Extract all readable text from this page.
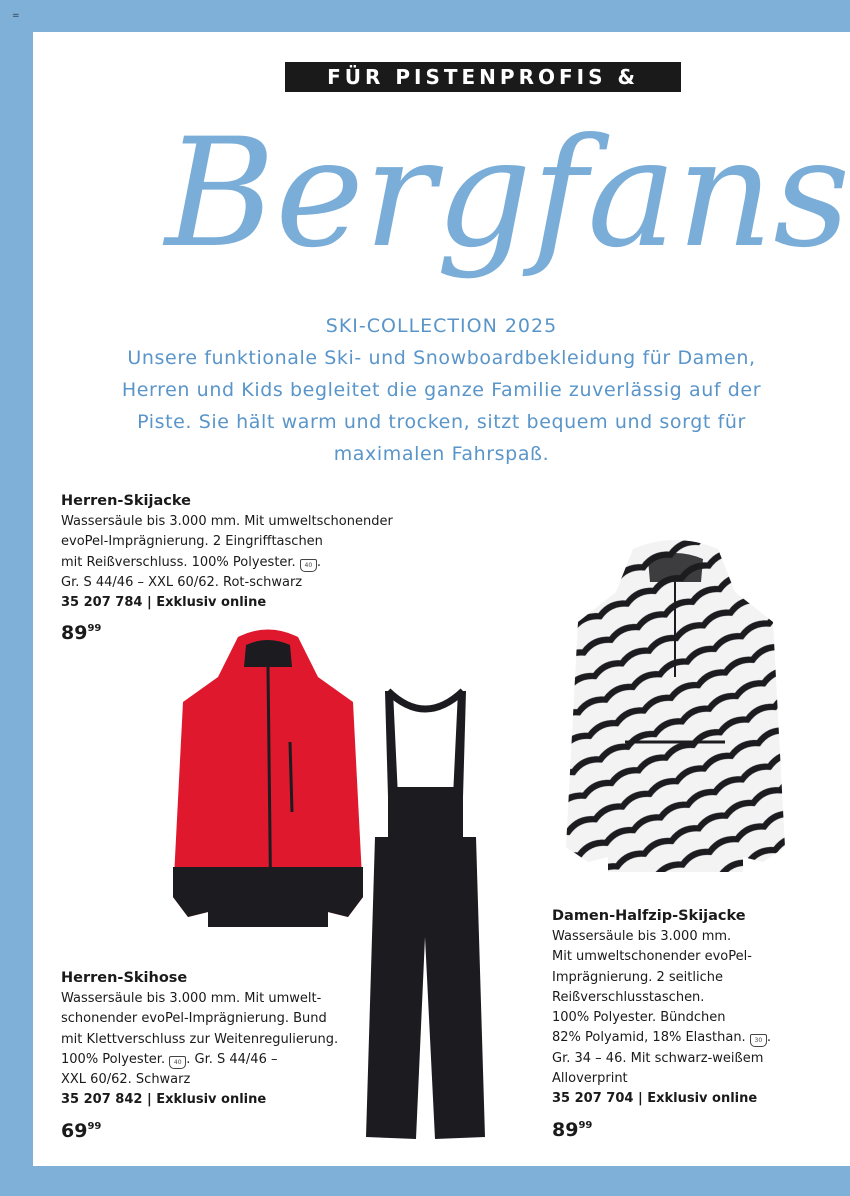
=
FÜR PISTENPROFIS &
Bergfans
SKI-COLLECTION 2025
Unsere funktionale Ski- und Snowboardbekleidung für Damen,
Herren und Kids begleitet die ganze Familie zuverlässig auf der
Piste. Sie hält warm und trocken, sitzt bequem und sorgt für
maximalen Fahrspaß.
Herren-Skijacke
Wassersäule bis 3.000 mm. Mit umweltschonender
evoPel-Imprägnierung. 2 Eingrifftaschen
mit Reißverschluss. 100% Polyester. 40 .
Gr. S 44/46 – XXL 60/62. Rot-schwarz
35 207 784 | Exklusiv online
$89^{99}$
Herren-Skihose
Wassersäule bis 3.000 mm. Mit umwelt-
schonender evoPel-Imprägnierung. Bund
mit Klettverschluss zur Weitenregulierung.
100% Polyester. 40 . Gr. S 44/46 –
XXL 60/62. Schwarz
35 207 842 | Exklusiv online
$69^{99}$
Damen-Halfzip-Skijacke
Wassersäule bis 3.000 mm.
Mit umweltschonender evoPel-
Imprägnierung. 2 seitliche
Reißverschlusstaschen.
100% Polyester. Bündchen
82% Polyamid, 18% Elasthan. 30 .
Gr. 34 – 46. Mit schwarz-weißem
Alloverprint
35 207 704 | Exklusiv online
$89^{99}$
